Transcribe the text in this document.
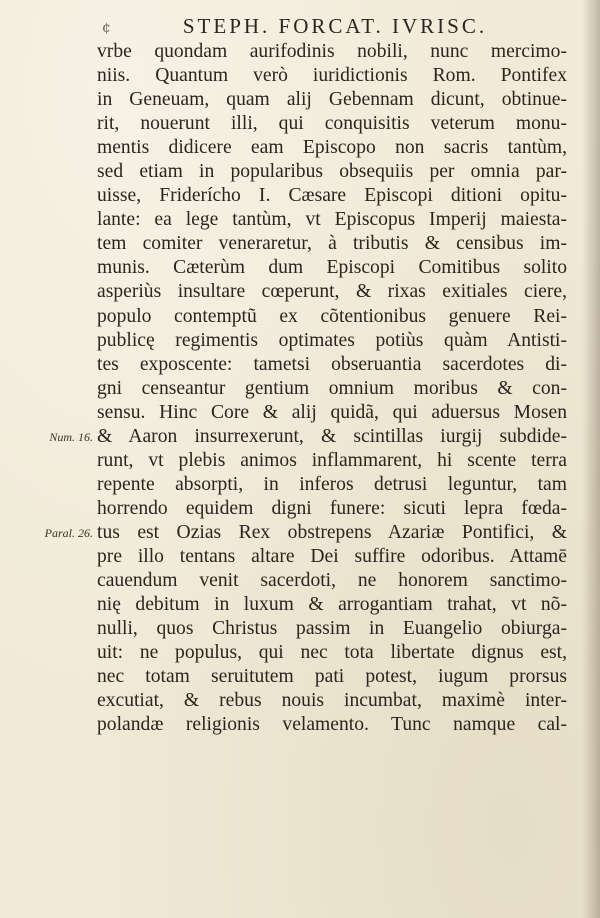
¢	STEPH. FORCAT. IVRISC.
vrbe quondam aurifodinis nobili, nunc mercimo-
niis. Quantum verò iuridictionis Rom. Pontifex
in Geneuam, quam alij Gebennam dicunt, obtinue-
rit, nouerunt illi, qui conquisitis veterum monu-
mentis didicere eam Episcopo non sacris tantùm,
sed etiam in popularibus obsequiis per omnia par-
uisse, Friderícho I. Cæsare Episcopi ditioni opitu-
lante: ea lege tantùm, vt Episcopus Imperij maiesta-
tem comiter veneraretur, à tributis & censibus im-
munis. Cæterùm dum Episcopi Comitibus solito
asperiùs insultare cœperunt, & rixas exitiales ciere,
populo contemptũ ex cõtentionibus genuere Rei-
publicę regimentis optimates potiùs quàm Antisti-
tes exposcente: tametsi obseruantia sacerdotes di-
gni censeantur gentium omnium moribus & con-
sensu. Hinc Core & alij quidã, qui aduersus Mosen
Num. 16. & Aaron insurrexerunt, & scintillas iurgij subdide-
runt, vt plebis animos inflammarent, hi scente terra
repente absorpti, in inferos detrusi leguntur, tam
horrendo equidem digni funere: sicuti lepra fœda-
Paral. 26. tus est Ozias Rex obstrepens Azariæ Pontifici, &
pre illo tentans altare Dei suffire odoribus. Attamē
cauendum venit sacerdoti, ne honorem sanctimo-
nię debitum in luxum & arrogantiam trahat, vt nõ-
nulli, quos Christus passim in Euangelio obiurga-
uit: ne populus, qui nec tota libertate dignus est,
nec totam seruitutem pati potest, iugum prorsus
excutiat, & rebus nouis incumbat, maximè inter-
polandæ religionis velamento. Tunc namque cal-
